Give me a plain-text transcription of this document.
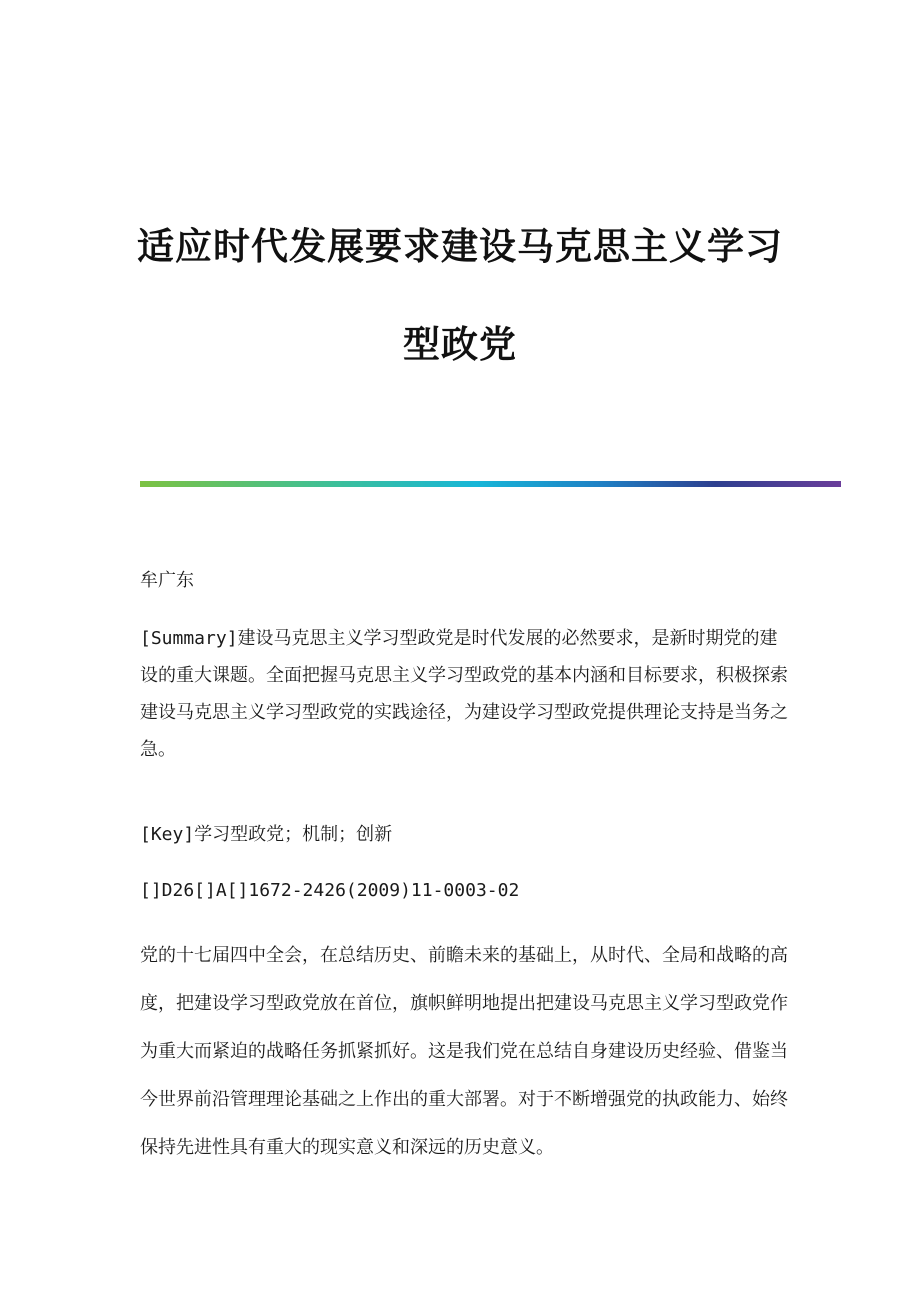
适应时代发展要求建设马克思主义学习
型政党
牟广东
[Summary]建设马克思主义学习型政党是时代发展的必然要求，是新时期党的建设的重大课题。全面把握马克思主义学习型政党的基本内涵和目标要求，积极探索建设马克思主义学习型政党的实践途径，为建设学习型政党提供理论支持是当务之急。
[Key]学习型政党；机制；创新
[]D26[]A[]1672-2426(2009)11-0003-02
党的十七届四中全会，在总结历史、前瞻未来的基础上，从时代、全局和战略的高度，把建设学习型政党放在首位，旗帜鲜明地提出把建设马克思主义学习型政党作为重大而紧迫的战略任务抓紧抓好。这是我们党在总结自身建设历史经验、借鉴当今世界前沿管理理论基础之上作出的重大部署。对于不断增强党的执政能力、始终保持先进性具有重大的现实意义和深远的历史意义。
